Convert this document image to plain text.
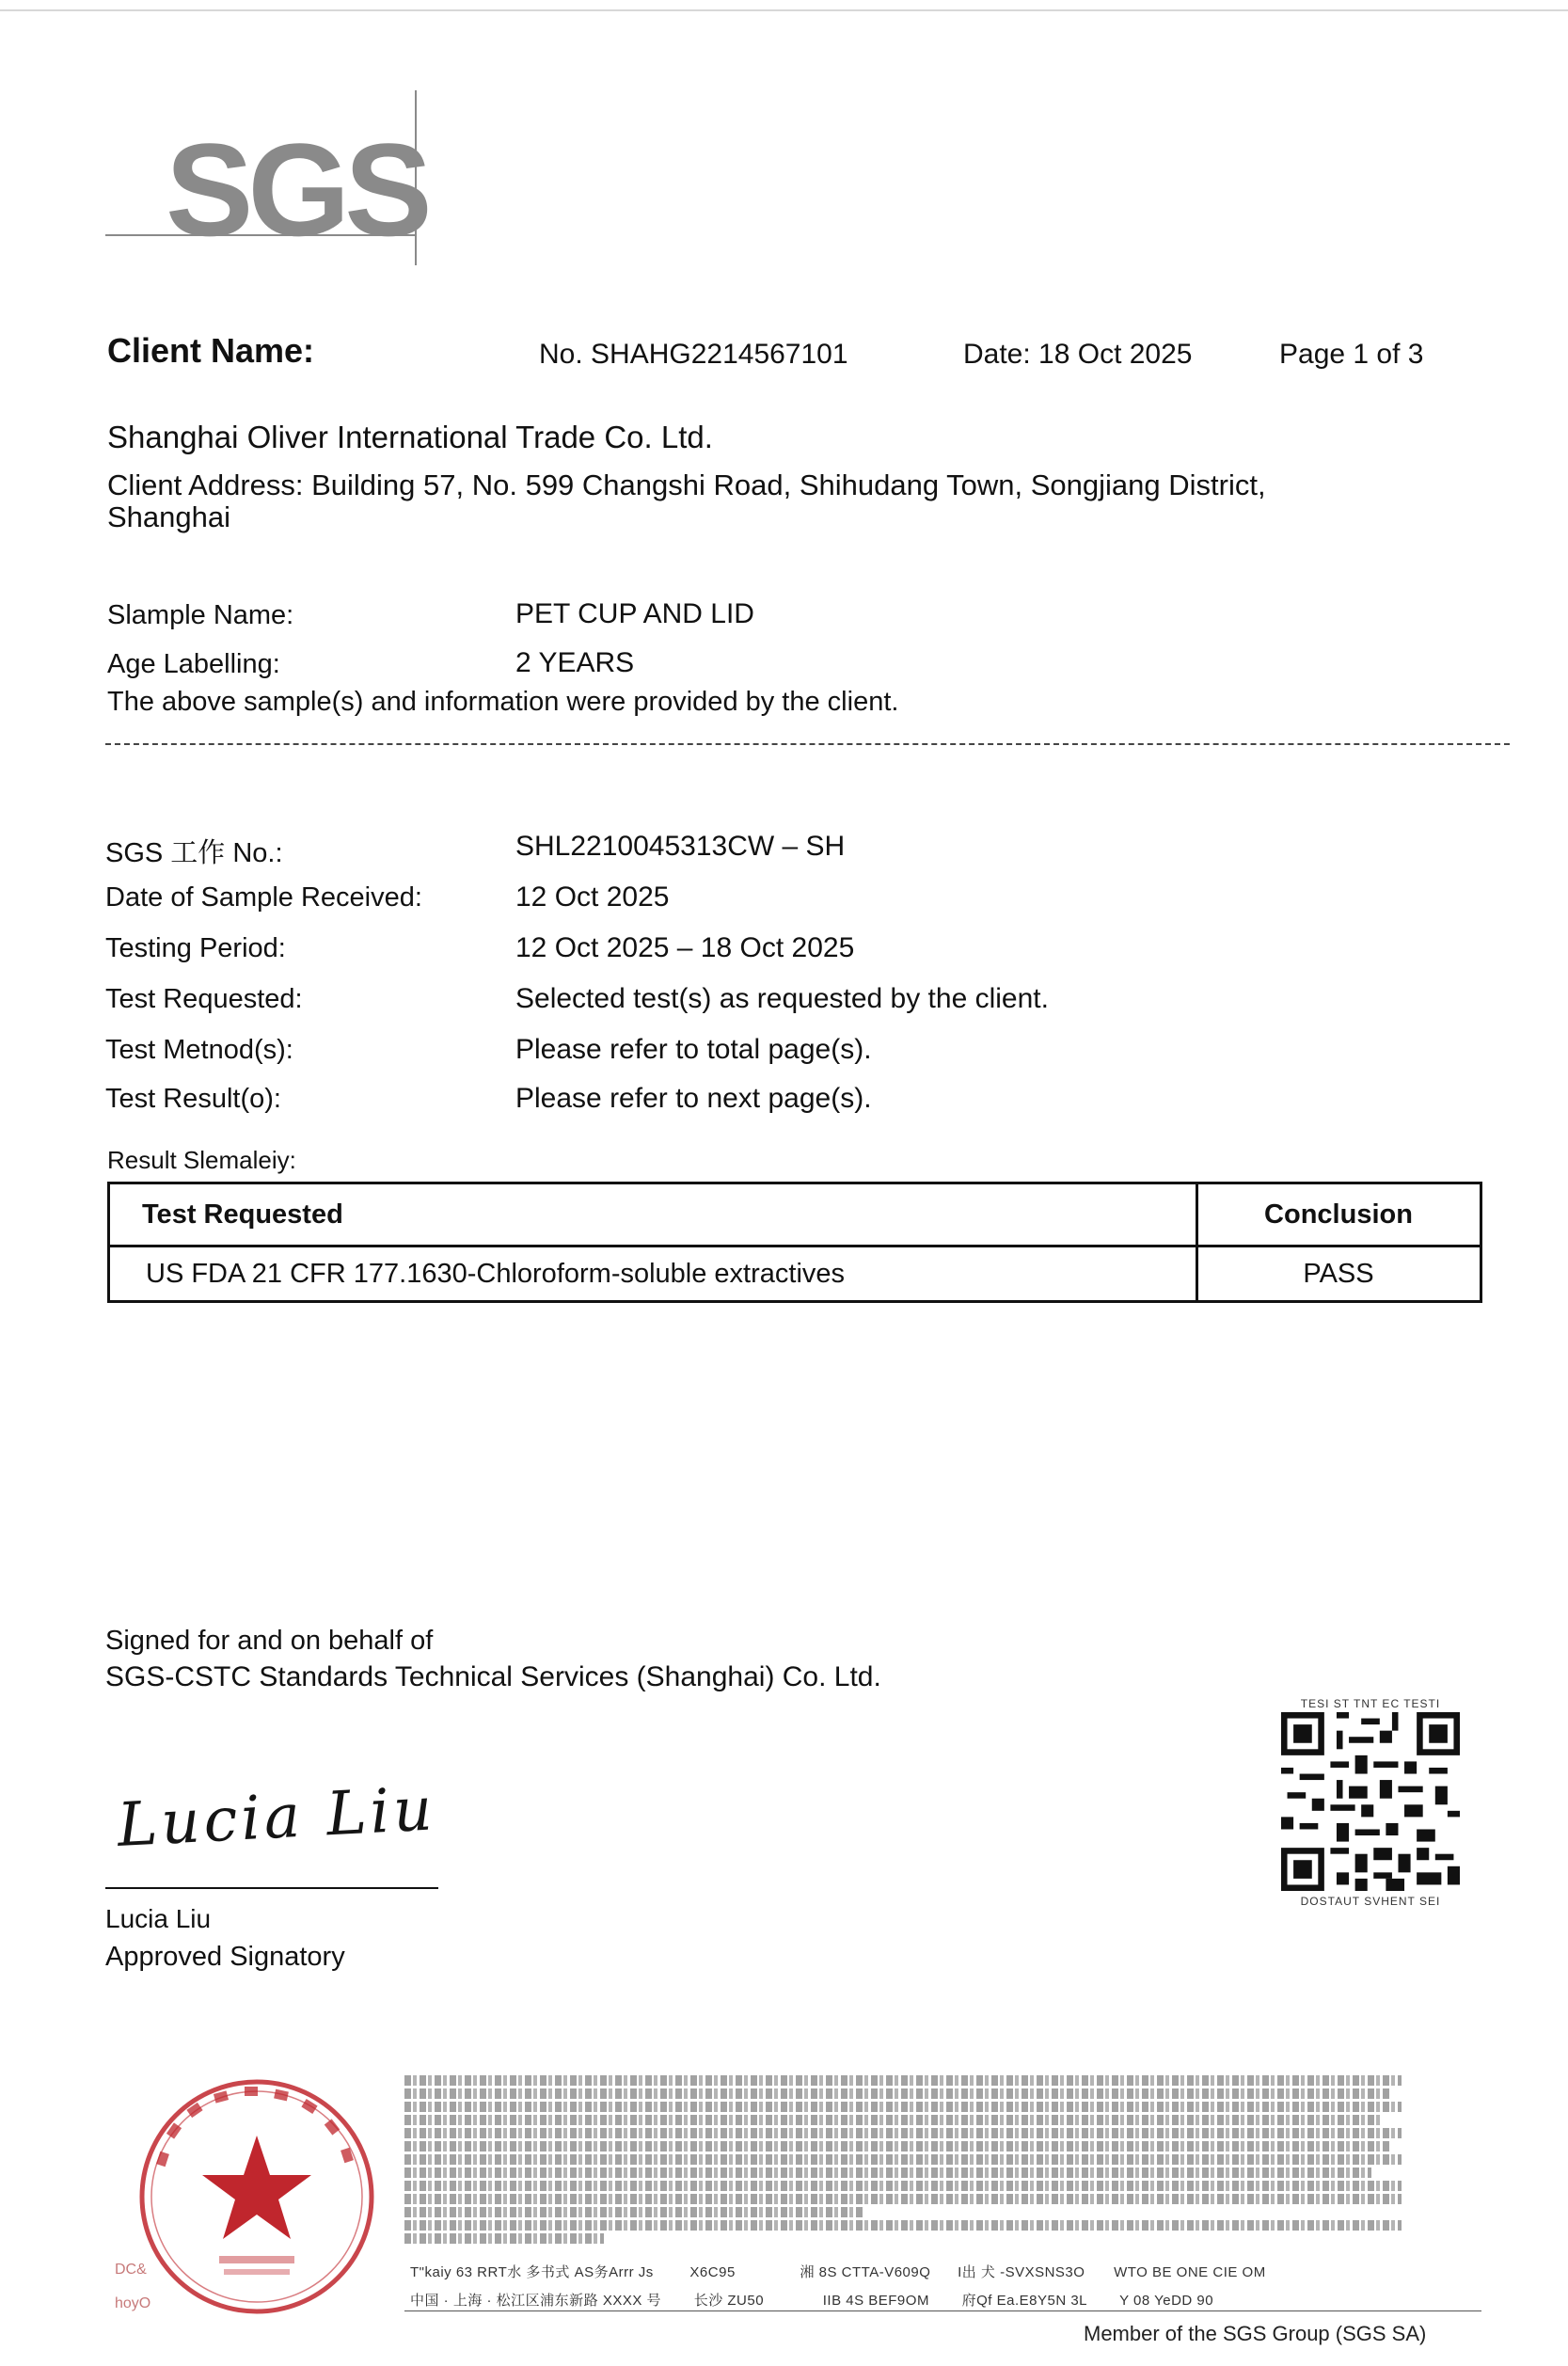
SGS
Client Name:	No. SHAHG2214567101	Date: 18 Oct 2025	Page 1 of 3
Shanghai Oliver International Trade Co. Ltd.
Client Address: Building 57, No. 599 Changshi Road, Shihudang Town, Songjiang District,
Shanghai
Slample Name:	PET CUP AND LID
Age Labelling:	2 YEARS
The above sample(s) and information were provided by the client.
SGS 工作 No.:	SHL2210045313CW – SH
Date of Sample Received:	12 Oct 2025
Testing Period:	12 Oct 2025 – 18 Oct 2025
Test Requested:	Selected test(s) as requested by the client.
Test Metnod(s):	Please refer to total page(s).
Test Result(o):	Please refer to next page(s).
Result Slemaleiy:
Test Requested	Conclusion
US FDA 21 CFR 177.1630-Chloroform-soluble extractives	PASS
Signed for and on behalf of
SGS-CSTC Standards Technical Services (Shanghai) Co. Ltd.
Lucia Liu
Lucia Liu
Approved Signatory
TESI ST TNT EC TESTI
DOSTAUT SVHENT SEI
DC&
hoyO
T"kaiy 63 RRT水 多书式 AS务Arrr Js	X6C95	湘 8S CTTA-V609Q I出 犬 -SVXSNS3O WTO BE ONE CIE OM
中国 · 上海 · 松江区浦东新路 XXXX 号 长沙 ZU50	IIB 4S BEF9OM 府Qf Ea.E8Y5N 3L Y 08 YeDD 90
Member of the SGS Group (SGS SA)
